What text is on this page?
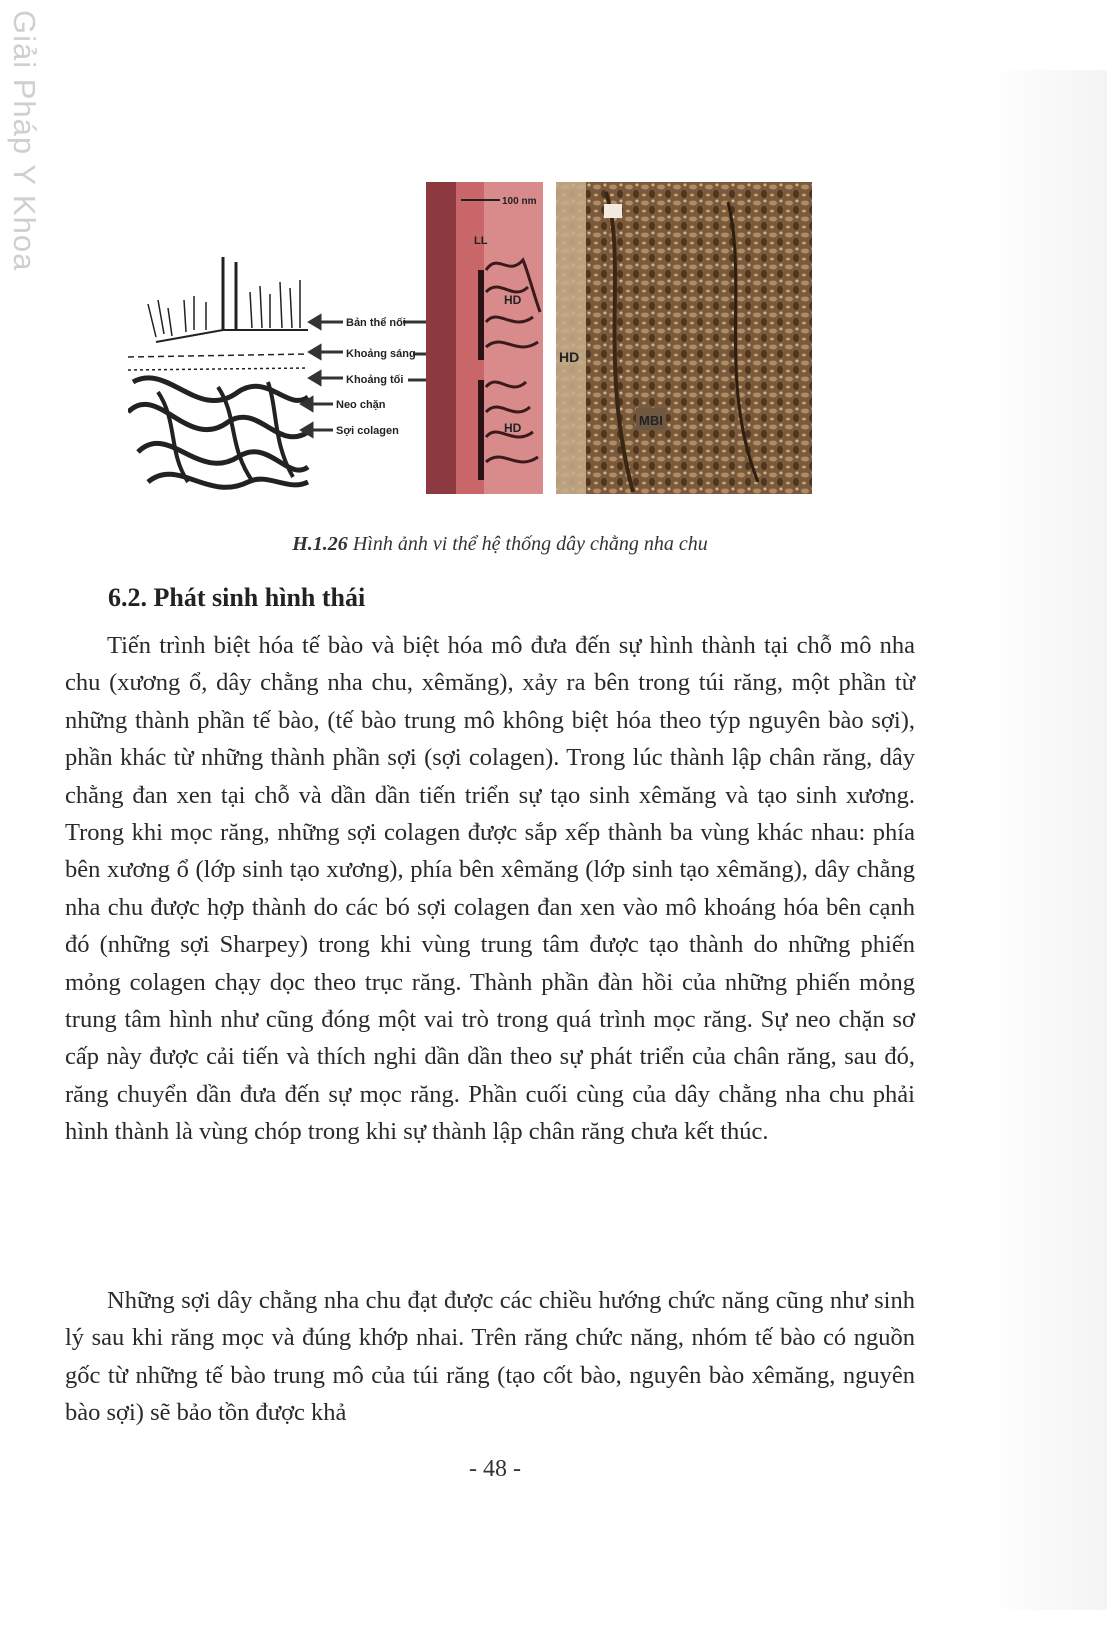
Giải Pháp Y Khoa
Bản thể nối
Khoảng sáng
Khoảng tối
Neo chặn
Sợi colagen
100 nm
LL
HD
HD
HD
MBI
H.1.26 Hình ảnh vi thể hệ thống dây chằng nha chu
6.2. Phát sinh hình thái

Tiến trình biệt hóa tế bào và biệt hóa mô đưa đến sự hình thành tại chỗ mô nha chu (xương ổ, dây chằng nha chu, xêmăng), xảy ra bên trong túi răng, một phần từ những thành phần tế bào, (tế bào trung mô không biệt hóa theo týp nguyên bào sợi), phần khác từ những thành phần sợi (sợi colagen). Trong lúc thành lập chân răng, dây chằng đan xen tại chỗ và dần dần tiến triển sự tạo sinh xêmăng và tạo sinh xương. Trong khi mọc răng, những sợi colagen được sắp xếp thành ba vùng khác nhau: phía bên xương ổ (lớp sinh tạo xương), phía bên xêmăng (lớp sinh tạo xêmăng), dây chằng nha chu được hợp thành do các bó sợi colagen đan xen vào mô khoáng hóa bên cạnh đó (những sợi Sharpey) trong khi vùng trung tâm được tạo thành do những phiến mỏng colagen chạy dọc theo trục răng. Thành phần đàn hồi của những phiến mỏng trung tâm hình như cũng đóng một vai trò trong quá trình mọc răng. Sự neo chặn sơ cấp này được cải tiến và thích nghi dần dần theo sự phát triển của chân răng, sau đó, răng chuyển dần đưa đến sự mọc răng. Phần cuối cùng của dây chằng nha chu phải hình thành là vùng chóp trong khi sự thành lập chân răng chưa kết thúc.

Những sợi dây chằng nha chu đạt được các chiều hướng chức năng cũng như sinh lý sau khi răng mọc và đúng khớp nhai. Trên răng chức năng, nhóm tế bào có nguồn gốc từ những tế bào trung mô của túi răng (tạo cốt bào, nguyên bào xêmăng, nguyên bào sợi) sẽ bảo tồn được khả

- 48 -
